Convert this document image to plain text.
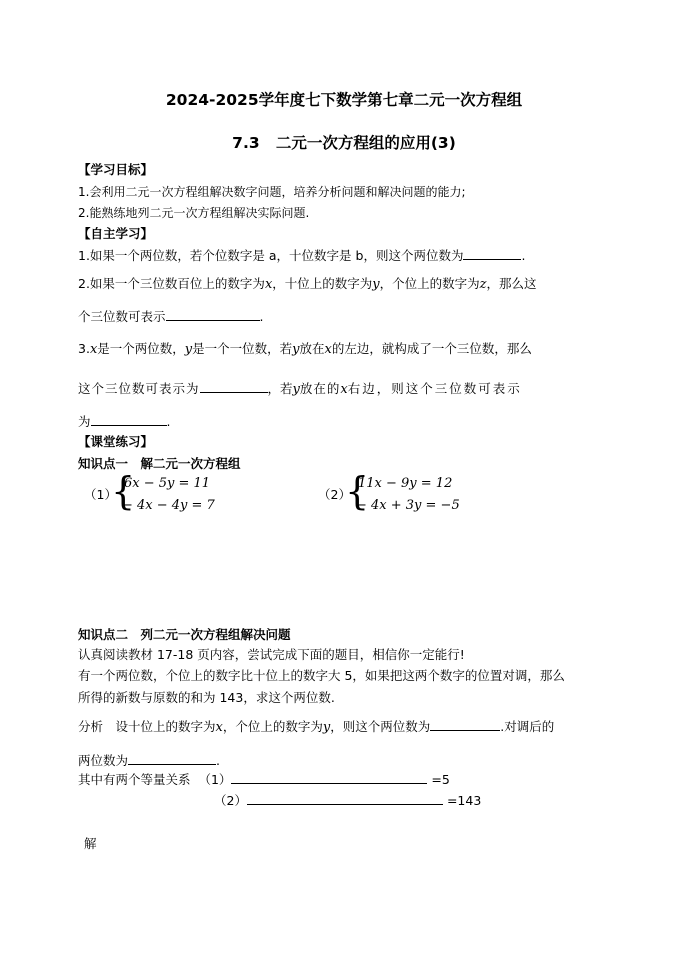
2024-2025学年度七下数学第七章二元一次方程组
7.3 二元一次方程组的应用(3)
【学习目标】
1.会利用二元一次方程组解决数字问题，培养分析问题和解决问题的能力;
2.能熟练地列二元一次方程组解决实际问题.
【自主学习】
1.如果一个两位数，若个位数字是 a，十位数字是 b，则这个两位数为	.
2.如果一个三位数百位上的数字为x，十位上的数字为y，个位上的数字为z，那么这
个三位数可表示	.
3.x是一个两位数，y是一个一位数，若y放在x的左边，就构成了一个三位数，那么
这个三位数可表示为	，若y放在的x右边，则这个三位数可表示
为	.
【课堂练习】
知识点一　解二元一次方程组
（1）
{
6x − 5y = 11
− 4x − 4y = 7
（2）
{
11x − 9y = 12
− 4x + 3y = −5
知识点二　列二元一次方程组解决问题
认真阅读教材 17-18 页内容，尝试完成下面的题目，相信你一定能行!
有一个两位数，个位上的数字比十位上的数字大 5，如果把这两个数字的位置对调，那么
所得的新数与原数的和为 143，求这个两位数.
分析　设十位上的数字为x，个位上的数字为y，则这个两位数为	.对调后的
两位数为	.
其中有两个等量关系 （1）	=5
（2）	=143
解
